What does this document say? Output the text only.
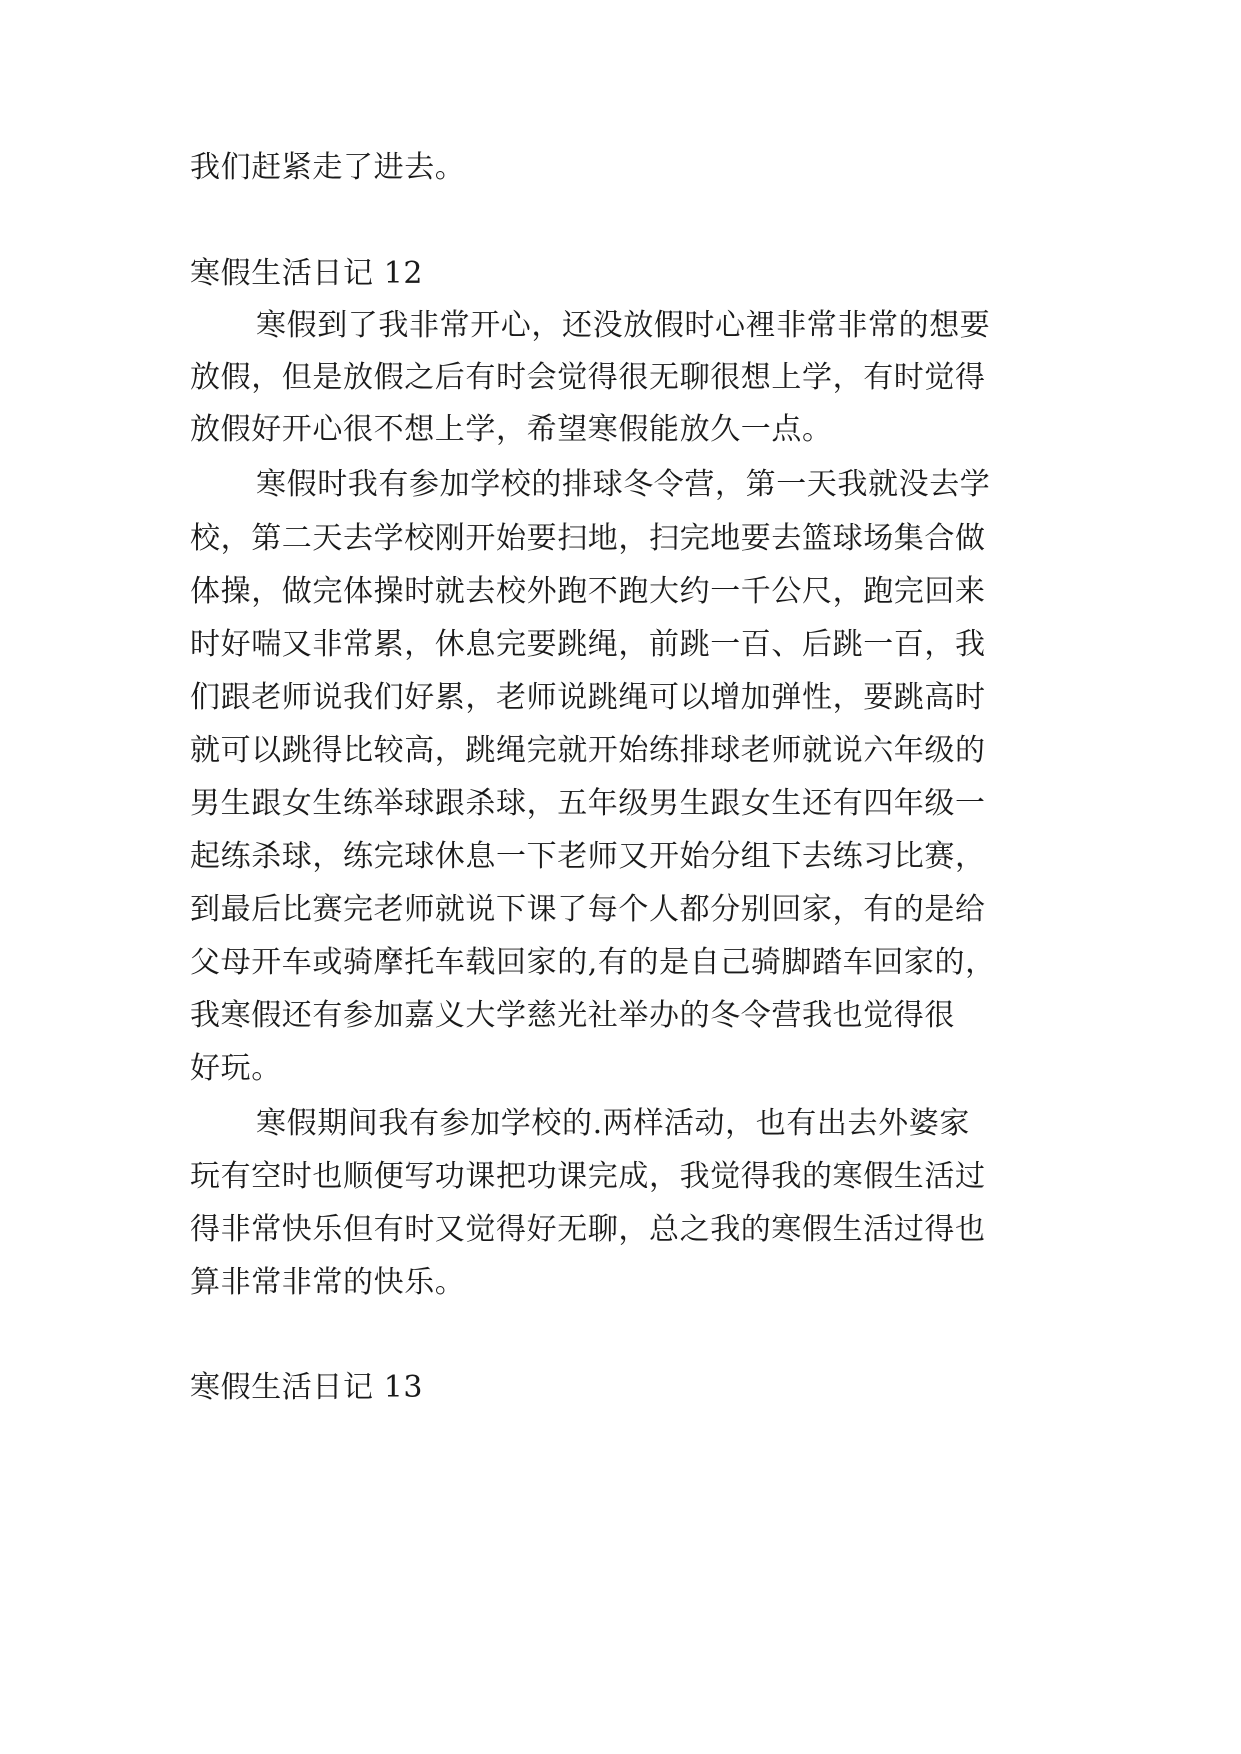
我们赶紧走了进去。
寒假生活日记 12
寒假到了我非常开心，还没放假时心裡非常非常的想要
放假，但是放假之后有时会觉得很无聊很想上学，有时觉得
放假好开心很不想上学，希望寒假能放久一点。
寒假时我有参加学校的排球冬令营，第一天我就没去学
校，第二天去学校刚开始要扫地，扫完地要去篮球场集合做
体操，做完体操时就去校外跑不跑大约一千公尺，跑完回来
时好喘又非常累，休息完要跳绳，前跳一百、后跳一百，我
们跟老师说我们好累，老师说跳绳可以增加弹性，要跳高时
就可以跳得比较高，跳绳完就开始练排球老师就说六年级的
男生跟女生练举球跟杀球，五年级男生跟女生还有四年级一
起练杀球，练完球休息一下老师又开始分组下去练习比赛，
到最后比赛完老师就说下课了每个人都分别回家，有的是给
父母开车或骑摩托车载回家的,有的是自己骑脚踏车回家的，
我寒假还有参加嘉义大学慈光社举办的冬令营我也觉得很
好玩。
寒假期间我有参加学校的.两样活动，也有出去外婆家
玩有空时也顺便写功课把功课完成，我觉得我的寒假生活过
得非常快乐但有时又觉得好无聊，总之我的寒假生活过得也
算非常非常的快乐。
寒假生活日记 13
